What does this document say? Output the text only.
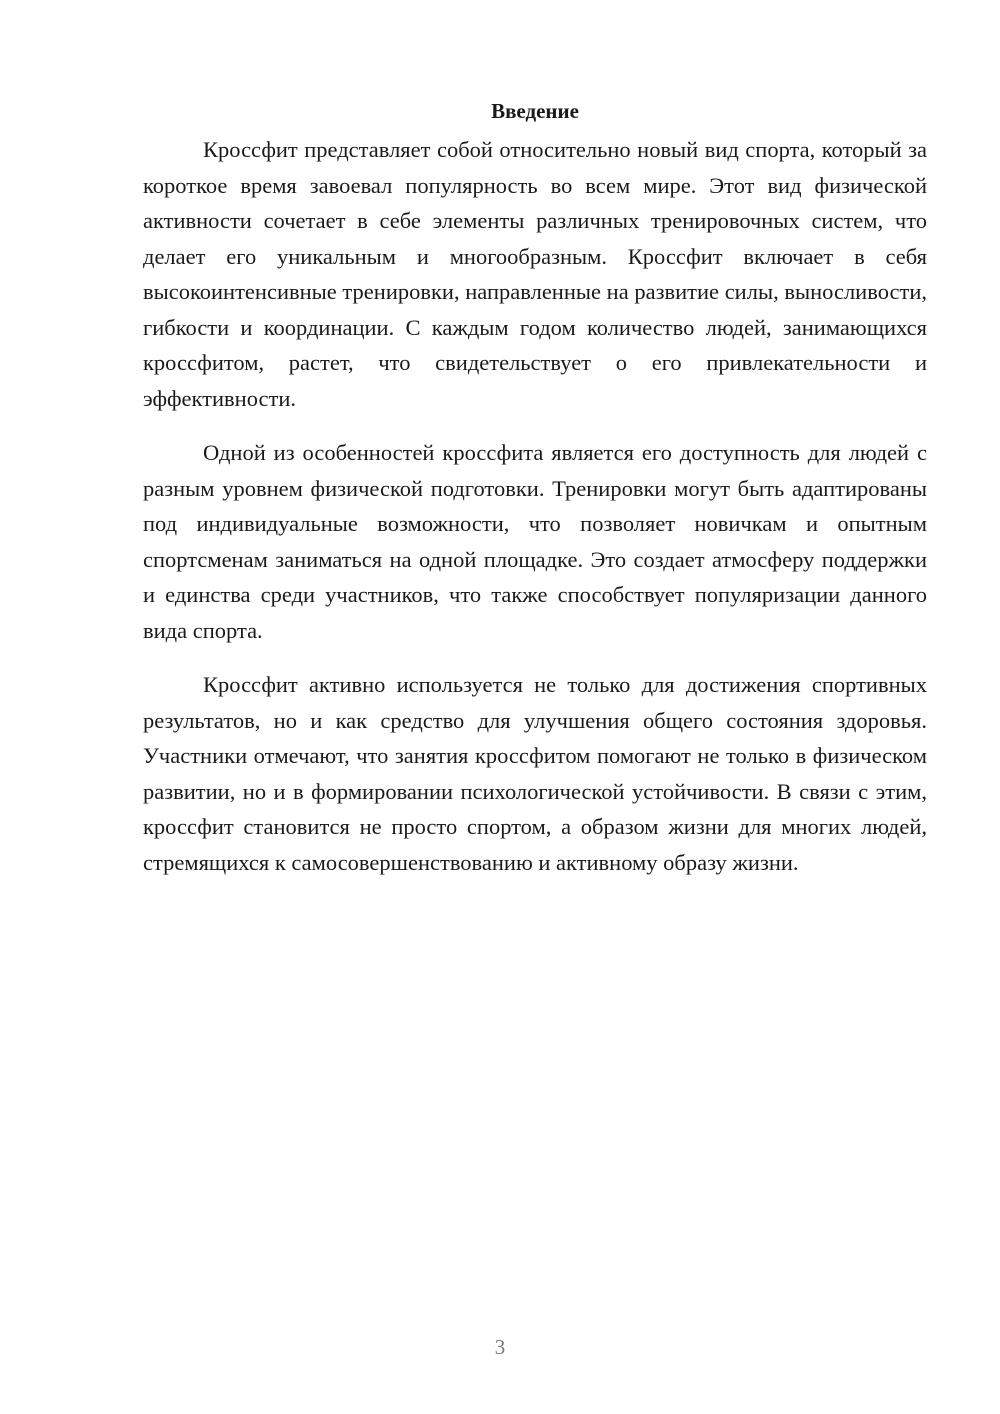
Введение

Кроссфит представляет собой относительно новый вид спорта, который за короткое время завоевал популярность во всем мире. Этот вид физической активности сочетает в себе элементы различных тренировочных систем, что делает его уникальным и многообразным. Кроссфит включает в себя высокоинтенсивные тренировки, направленные на развитие силы, выносливости, гибкости и координации. С каждым годом количество людей, занимающихся кроссфитом, растет, что свидетельствует о его привлекательности и эффективности.

Одной из особенностей кроссфита является его доступность для людей с разным уровнем физической подготовки. Тренировки могут быть адаптированы под индивидуальные возможности, что позволяет новичкам и опытным спортсменам заниматься на одной площадке. Это создает атмосферу поддержки и единства среди участников, что также способствует популяризации данного вида спорта.

Кроссфит активно используется не только для достижения спортивных результатов, но и как средство для улучшения общего состояния здоровья. Участники отмечают, что занятия кроссфитом помогают не только в физическом развитии, но и в формировании психологической устойчивости. В связи с этим, кроссфит становится не просто спортом, а образом жизни для многих людей, стремящихся к самосовершенствованию и активному образу жизни.

3
